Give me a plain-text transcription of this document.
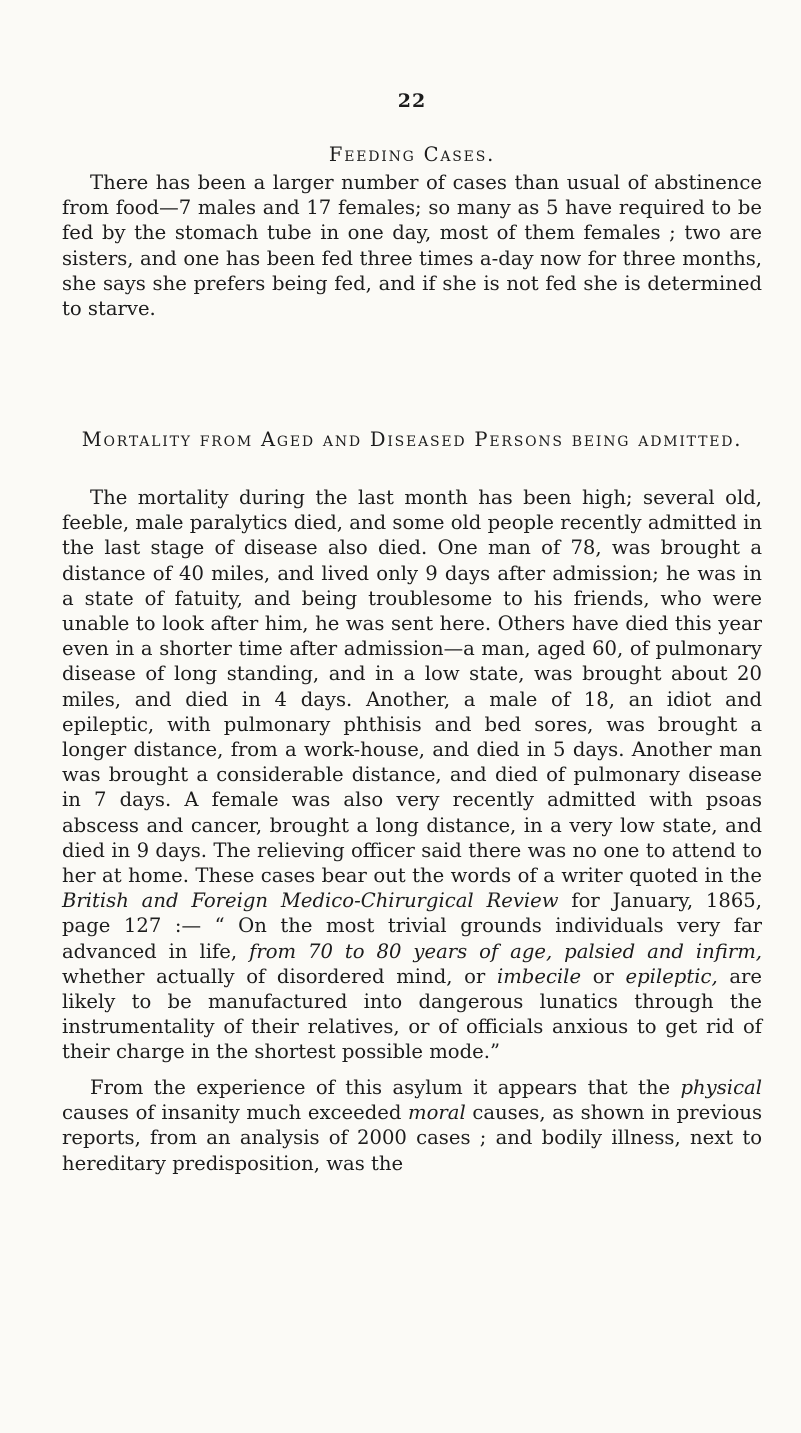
22
Feeding Cases.

There has been a larger number of cases than usual of abstinence from food—7 males and 17 females; so many as 5 have required to be fed by the stomach tube in one day, most of them females ; two are sisters, and one has been fed three times a-day now for three months, she says she prefers being fed, and if she is not fed she is determined to starve.

Mortality from Aged and Diseased Persons being admitted.

The mortality during the last month has been high; several old, feeble, male paralytics died, and some old people recently admitted in the last stage of disease also died. One man of 78, was brought a distance of 40 miles, and lived only 9 days after admission; he was in a state of fatuity, and being troublesome to his friends, who were unable to look after him, he was sent here. Others have died this year even in a shorter time after admission—a man, aged 60, of pulmonary disease of long standing, and in a low state, was brought about 20 miles, and died in 4 days. Another, a male of 18, an idiot and epileptic, with pulmonary phthisis and bed sores, was brought a longer distance, from a work-house, and died in 5 days. Another man was brought a considerable distance, and died of pulmonary disease in 7 days. A female was also very recently admitted with psoas abscess and cancer, brought a long distance, in a very low state, and died in 9 days. The relieving officer said there was no one to attend to her at home. These cases bear out the words of a writer quoted in the British and Foreign Medico-Chirurgical Review for January, 1865, page 127 :— “ On the most trivial grounds individuals very far advanced in life, from 70 to 80 years of age, palsied and infirm, whether actually of disordered mind, or imbecile or epileptic, are likely to be manufactured into dangerous lunatics through the instrumentality of their relatives, or of officials anxious to get rid of their charge in the shortest possible mode.”

From the experience of this asylum it appears that the physical causes of insanity much exceeded moral causes, as shown in previous reports, from an analysis of 2000 cases ; and bodily illness, next to hereditary predisposition, was the
